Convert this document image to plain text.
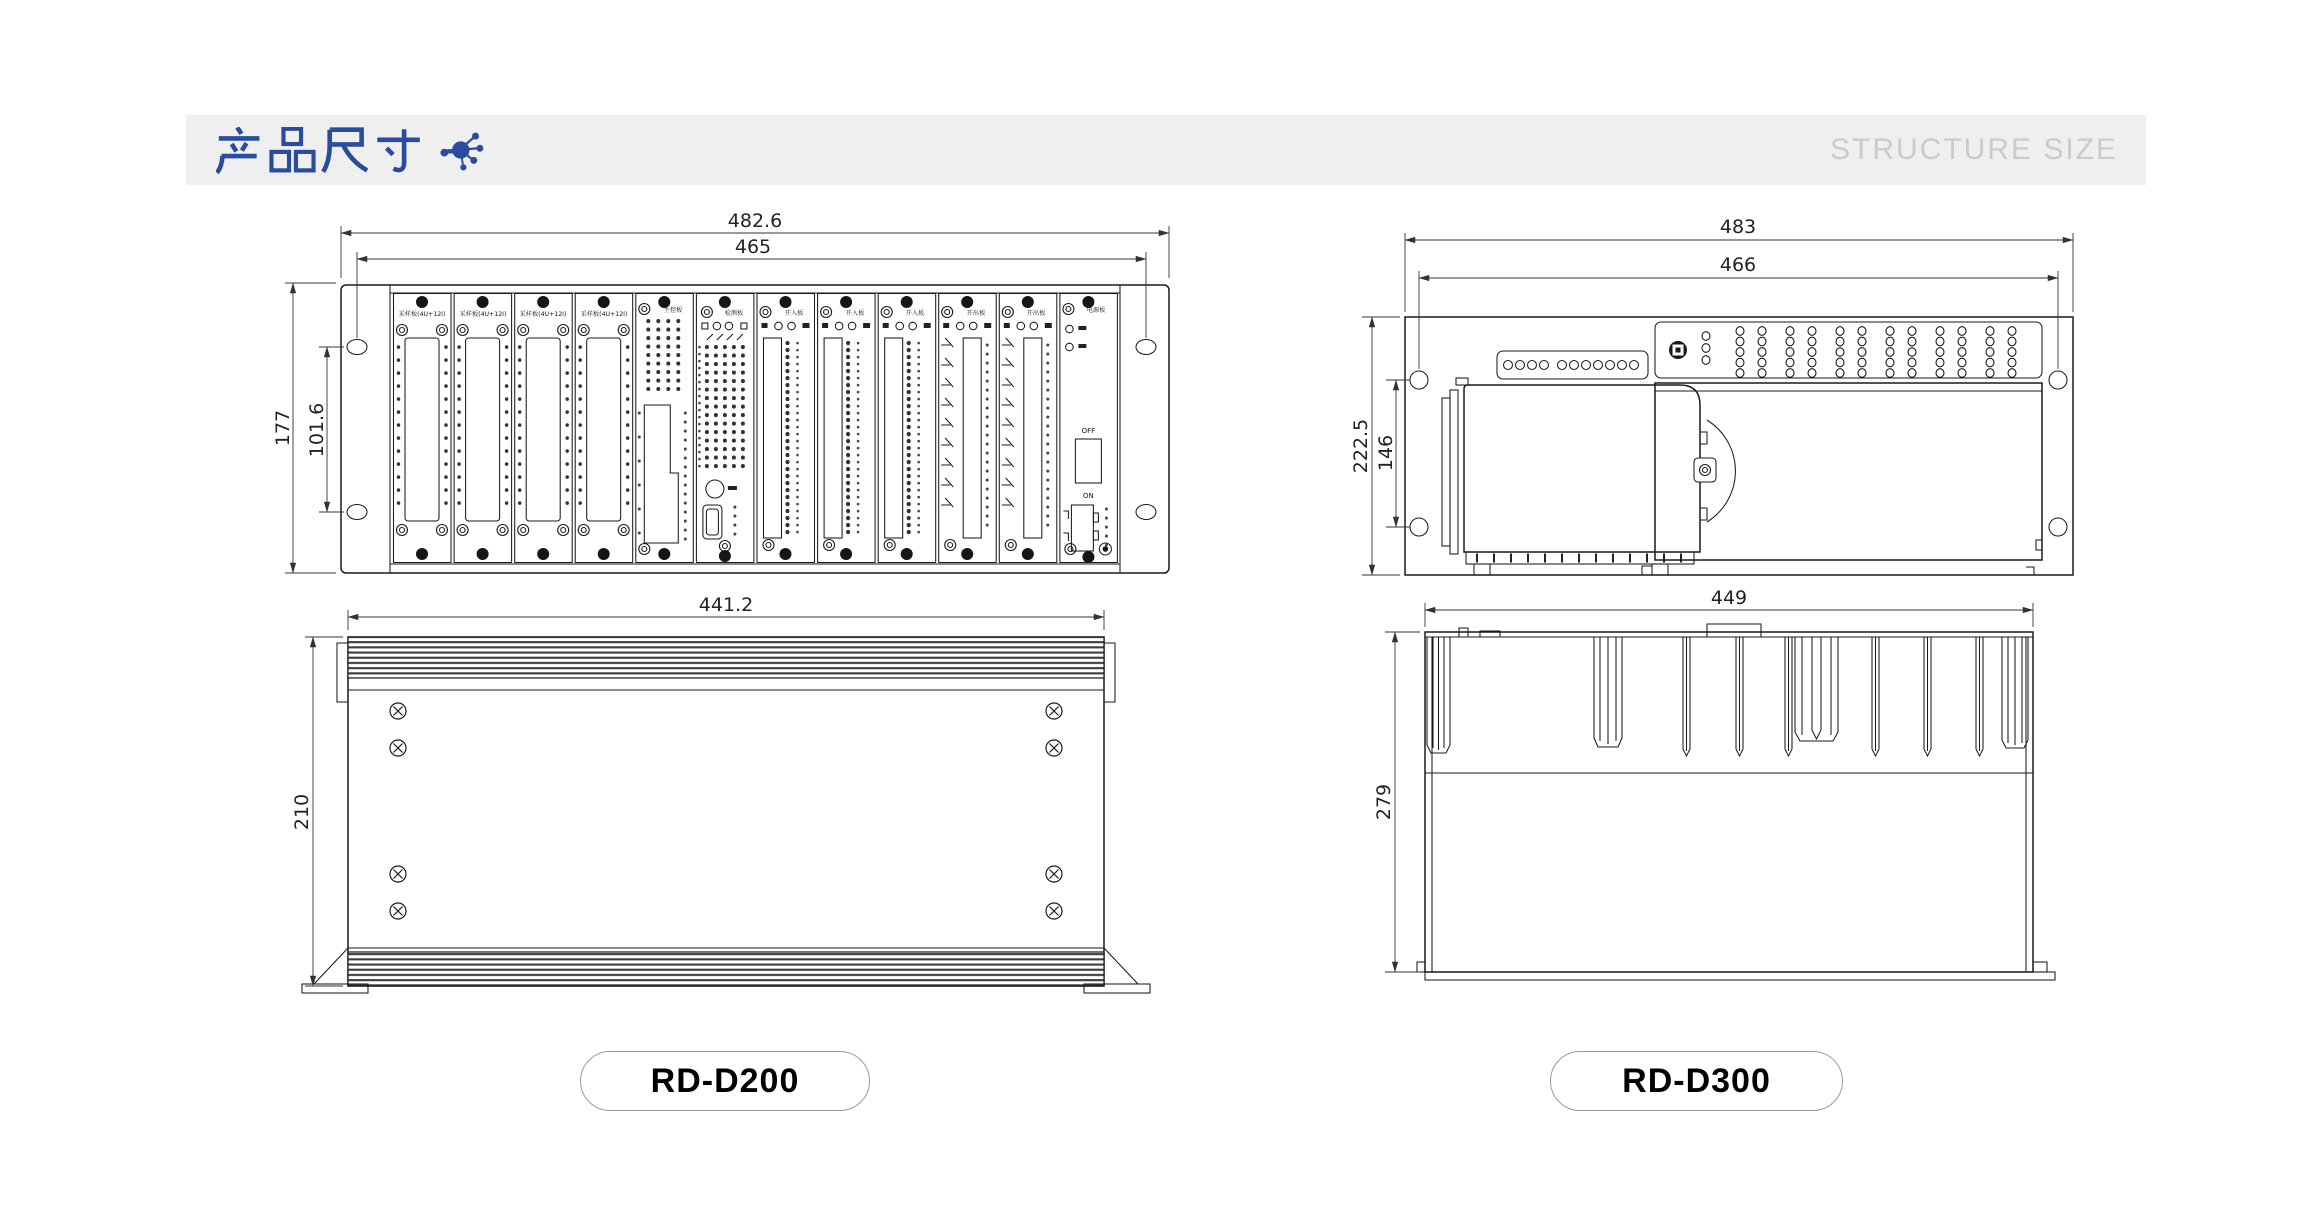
STRUCTURE SIZE
OFF
ON
采样板(4U+12I) 采样板(4U+12I) 采样板(4U+12I) 采样板(4U+12I)
主控板	检测板	开入板	开入板	开入板	开出板	开出板	电源板
482.6
465
177 101.6
441.2
210
483
466
222.5 146
449
279
RD-D200	RD-D300
